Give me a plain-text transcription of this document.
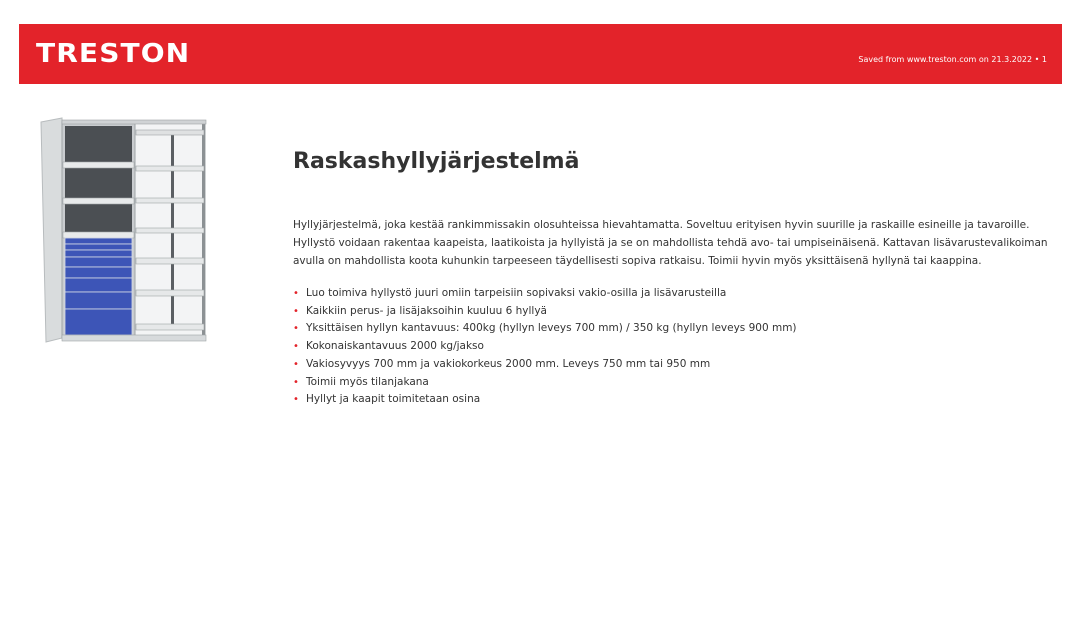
TRESTON	Saved from www.treston.com on 21.3.2022 • 1
Raskashyllyjärjestelmä

Hyllyjärjestelmä, joka kestää rankimmissakin olosuhteissa hievahtamatta. Soveltuu erityisen hyvin suurille ja raskaille esineille ja tavaroille. Hyllystö voidaan rakentaa kaapeista, laatikoista ja hyllyistä ja se on mahdollista tehdä avo- tai umpiseinäisenä. Kattavan lisävarustevalikoiman avulla on mahdollista koota kuhunkin tarpeeseen täydellisesti sopiva ratkaisu. Toimii hyvin myös yksittäisenä hyllynä tai kaappina.

• Luo toimiva hyllystö juuri omiin tarpeisiin sopivaksi vakio-osilla ja lisävarusteilla
• Kaikkiin perus- ja lisäjaksoihin kuuluu 6 hyllyä
• Yksittäisen hyllyn kantavuus: 400kg (hyllyn leveys 700 mm) / 350 kg (hyllyn leveys 900 mm)
• Kokonaiskantavuus 2000 kg/jakso
• Vakiosyvyys 700 mm ja vakiokorkeus 2000 mm. Leveys 750 mm tai 950 mm
• Toimii myös tilanjakana
• Hyllyt ja kaapit toimitetaan osina
